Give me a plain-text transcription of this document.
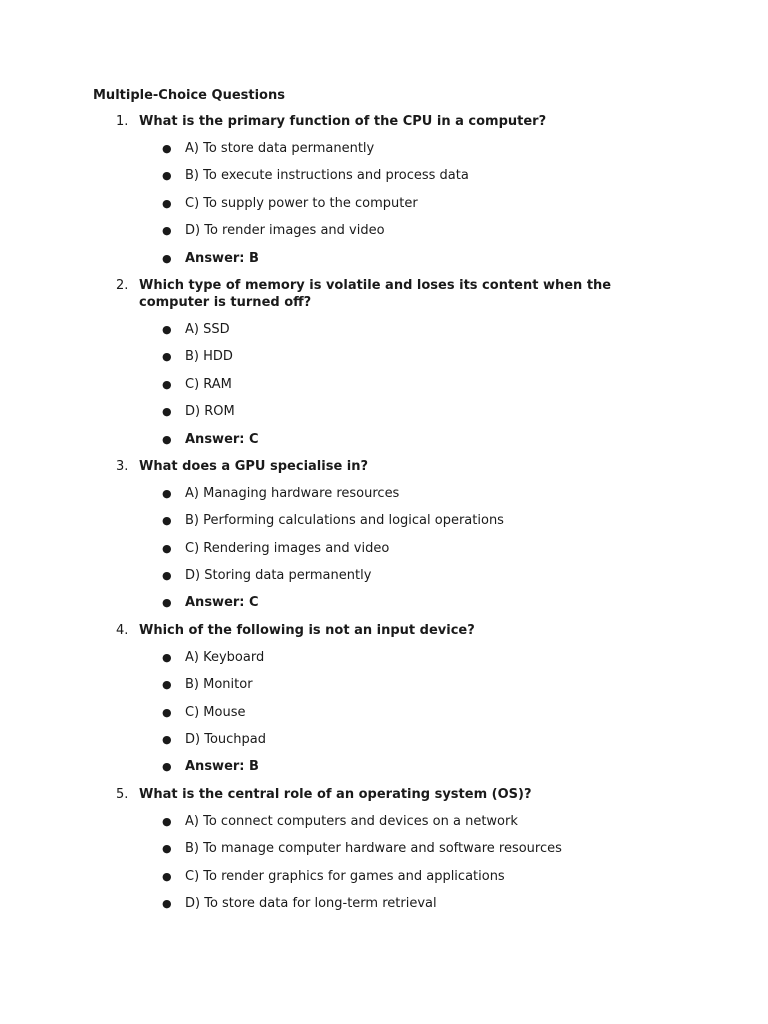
Multiple-Choice Questions
1. What is the primary function of the CPU in a computer?
● A) To store data permanently
● B) To execute instructions and process data
● C) To supply power to the computer
● D) To render images and video
● Answer: B
2. Which type of memory is volatile and loses its content when the computer is turned off?
● A) SSD
● B) HDD
● C) RAM
● D) ROM
● Answer: C
3. What does a GPU specialise in?
● A) Managing hardware resources
● B) Performing calculations and logical operations
● C) Rendering images and video
● D) Storing data permanently
● Answer: C
4. Which of the following is not an input device?
● A) Keyboard
● B) Monitor
● C) Mouse
● D) Touchpad
● Answer: B
5. What is the central role of an operating system (OS)?
● A) To connect computers and devices on a network
● B) To manage computer hardware and software resources
● C) To render graphics for games and applications
● D) To store data for long-term retrieval
